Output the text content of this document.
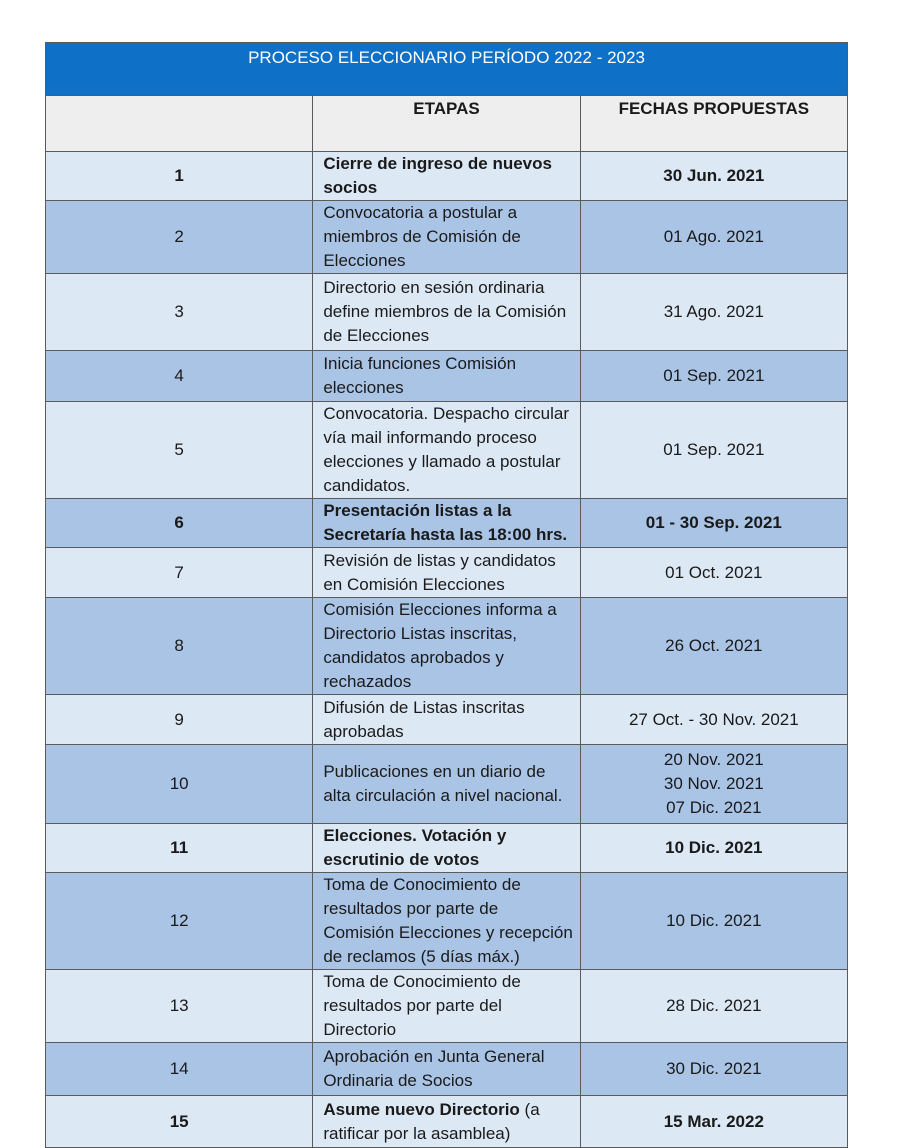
PROCESO ELECCIONARIO PERÍODO 2022 - 2023		
	ETAPAS	FECHAS PROPUESTAS
1	Cierre de ingreso de nuevos socios	30 Jun. 2021

2	Convocatoria a postular a miembros de Comisión de Elecciones	01 Ago. 2021

3	Directorio en sesión ordinaria define miembros de la Comisión de Elecciones	31 Ago. 2021

4	Inicia funciones Comisión elecciones	01 Sep. 2021

5	Convocatoria. Despacho circular vía mail informando proceso elecciones y llamado a postular candidatos.	01 Sep. 2021

6	Presentación listas a la Secretaría hasta las 18:00 hrs.	01 - 30 Sep. 2021

7	Revisión de listas y candidatos en Comisión Elecciones	01 Oct. 2021

8	Comisión Elecciones informa a Directorio Listas inscritas, candidatos aprobados y rechazados	26 Oct. 2021

9	Difusión de Listas inscritas aprobadas	27 Oct. - 30 Nov. 2021

10	Publicaciones en un diario de alta circulación a nivel nacional.	20 Nov. 2021
30 Nov. 2021
07 Dic. 2021

11	Elecciones. Votación y escrutinio de votos	10 Dic. 2021

12	Toma de Conocimiento de resultados por parte de Comisión Elecciones y recepción de reclamos (5 días máx.)	10 Dic. 2021

13	Toma de Conocimiento de resultados por parte del Directorio	28 Dic. 2021

14	Aprobación en Junta General Ordinaria de Socios	30 Dic. 2021

15	Asume nuevo Directorio (a ratificar por la asamblea)	15 Mar. 2022
